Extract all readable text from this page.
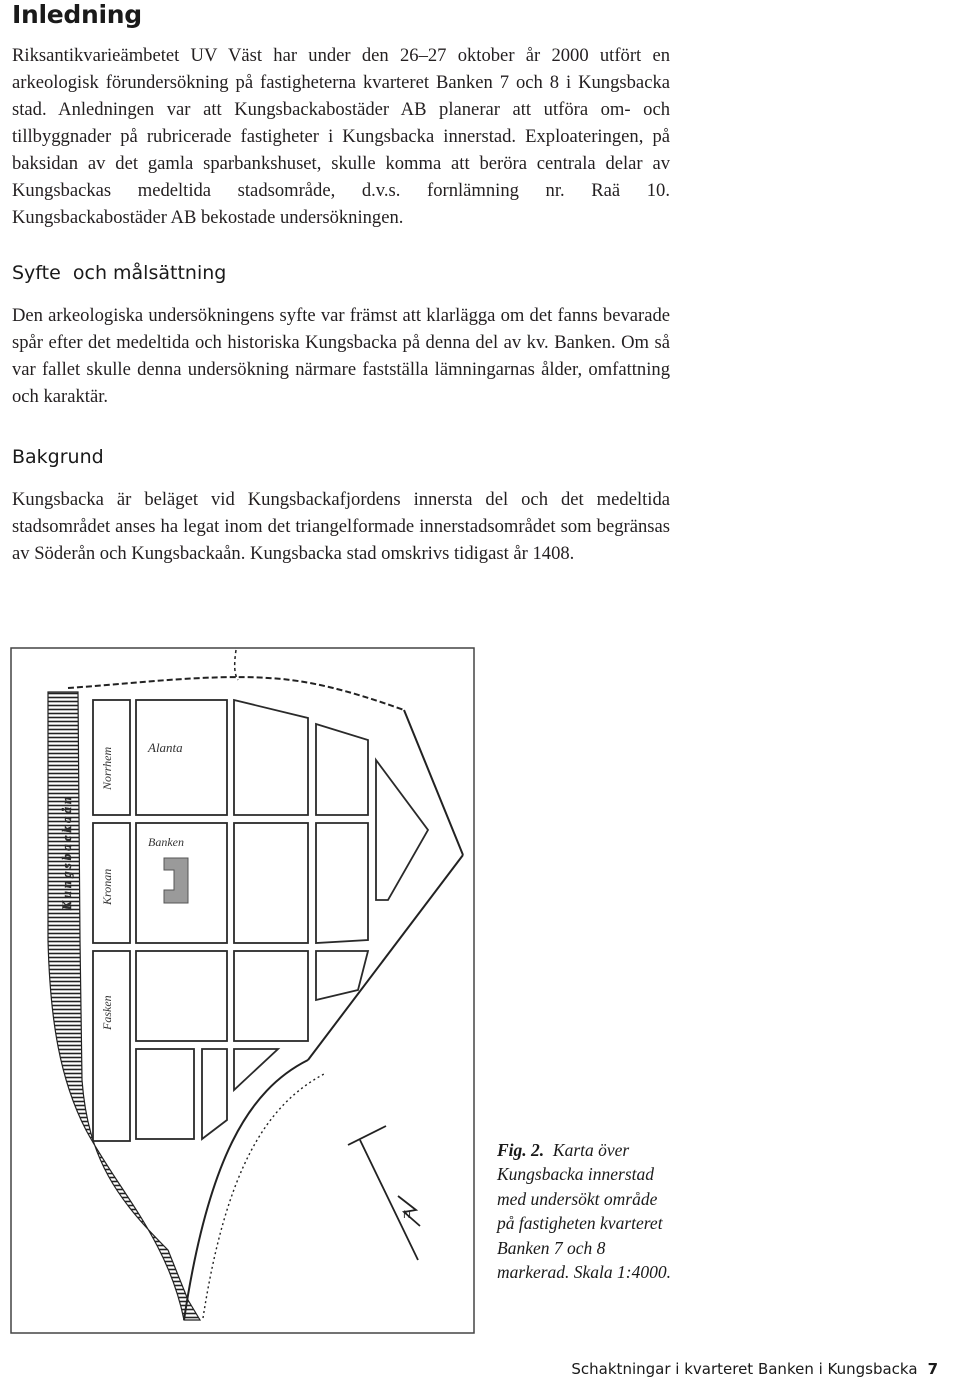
Inledning

Riksantikvarieämbetet UV Väst har under den 26–27 oktober år 2000 utfört en arkeologisk förundersökning på fastigheterna kvarteret Banken 7 och 8 i Kungsbacka stad. Anledningen var att Kungsbackabostäder AB planerar att utföra om- och tillbyggnader på rubricerade fastigheter i Kungsbacka innerstad. Exploateringen, på baksidan av det gamla sparbankshuset, skulle komma att beröra centrala delar av Kungsbackas medeltida stadsområde, d.v.s. fornlämning nr. Raä 10. Kungsbackabostäder AB bekostade undersökningen.

Syfte  och målsättning

Den arkeologiska undersökningens syfte var främst att klarlägga om det fanns bevarade spår efter det medeltida och historiska Kungsbacka på denna del av kv. Banken. Om så var fallet skulle denna undersökning närmare fastställa lämningarnas ålder, omfattning och karaktär.

Bakgrund

Kungsbacka är beläget vid Kungsbackafjordens innersta del och det medeltida stadsområdet anses ha legat inom det triangelformade innerstadsområdet som begränsas av Söderån och Kungsbackaån. Kungsbacka stad omskrivs tidigast år 1408.

Alanta
Banken
Norrhem
Kronan
Fasken
Kungsbackaån
N

Fig. 2. Karta över Kungsbacka innerstad med undersökt område på fastigheten kvarteret Banken 7 och 8 markerad. Skala 1:4000.

Schaktningar i kvarteret Banken i Kungsbacka 7
